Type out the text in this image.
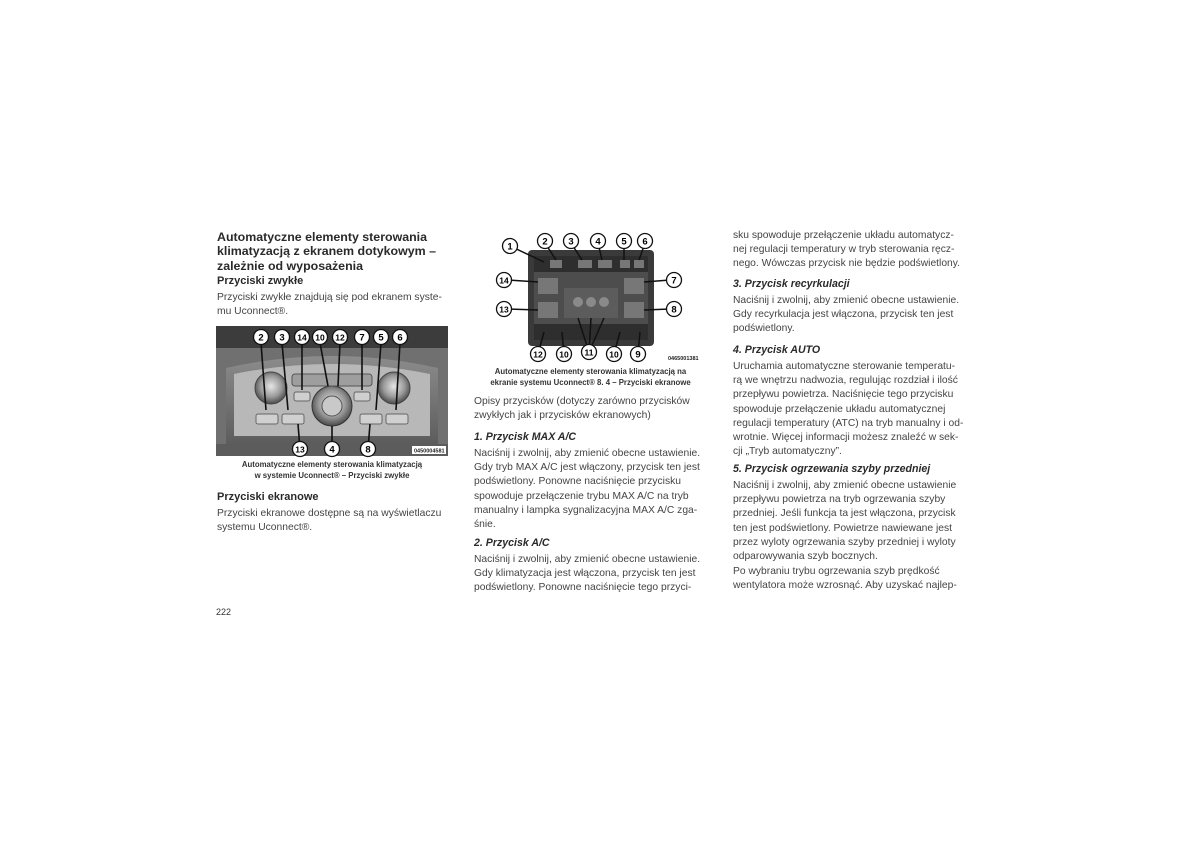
Automatyczne elementy sterowania klimatyzacją z ekranem dotykowym – zależnie od wyposażenia
Przyciski zwykłe

Przyciski zwykłe znajdują się pod ekranem syste-
mu Uconnect®.

0450004581
2 3 14 10 12 7 5 6
13	4	8
Automatyczne elementy sterowania klimatyzacją
w systemie Uconnect® – Przyciski zwykłe
Przyciski ekranowe

Przyciski ekranowe dostępne są na wyświetlaczu
systemu Uconnect®.

0465001381
1	2 3 4 5 6
14	7
13	8
12 10 11 10 9
Automatyczne elementy sterowania klimatyzacją na
ekranie systemu Uconnect® 8. 4 – Przyciski ekranowe

Opisy przycisków (dotyczy zarówno przycisków
zwykłych jak i przycisków ekranowych)

1. Przycisk MAX A/C

Naciśnij i zwolnij, aby zmienić obecne ustawienie.
Gdy tryb MAX A/C jest włączony, przycisk ten jest
podświetlony. Ponowne naciśnięcie przycisku
spowoduje przełączenie trybu MAX A/C na tryb
manualny i lampka sygnalizacyjna MAX A/C zga-
śnie.

2. Przycisk A/C

Naciśnij i zwolnij, aby zmienić obecne ustawienie.
Gdy klimatyzacja jest włączona, przycisk ten jest
podświetlony. Ponowne naciśnięcie tego przyci-

sku spowoduje przełączenie układu automatycz-
nej regulacji temperatury w tryb sterowania ręcz-
nego. Wówczas przycisk nie będzie podświetlony.

3. Przycisk recyrkulacji

Naciśnij i zwolnij, aby zmienić obecne ustawienie.
Gdy recyrkulacja jest włączona, przycisk ten jest
podświetlony.

4. Przycisk AUTO

Uruchamia automatyczne sterowanie temperatu-
rą we wnętrzu nadwozia, regulując rozdział i ilość
przepływu powietrza. Naciśnięcie tego przycisku
spowoduje przełączenie układu automatycznej
regulacji temperatury (ATC) na tryb manualny i od-
wrotnie. Więcej informacji możesz znaleźć w sek-
cji „Tryb automatyczny”.

5. Przycisk ogrzewania szyby przedniej

Naciśnij i zwolnij, aby zmienić obecne ustawienie
przepływu powietrza na tryb ogrzewania szyby
przedniej. Jeśli funkcja ta jest włączona, przycisk
ten jest podświetlony. Powietrze nawiewane jest
przez wyloty ogrzewania szyby przedniej i wyloty
odparowywania szyb bocznych.

Po wybraniu trybu ogrzewania szyb prędkość
wentylatora może wzrosnąć. Aby uzyskać najlep-

222
